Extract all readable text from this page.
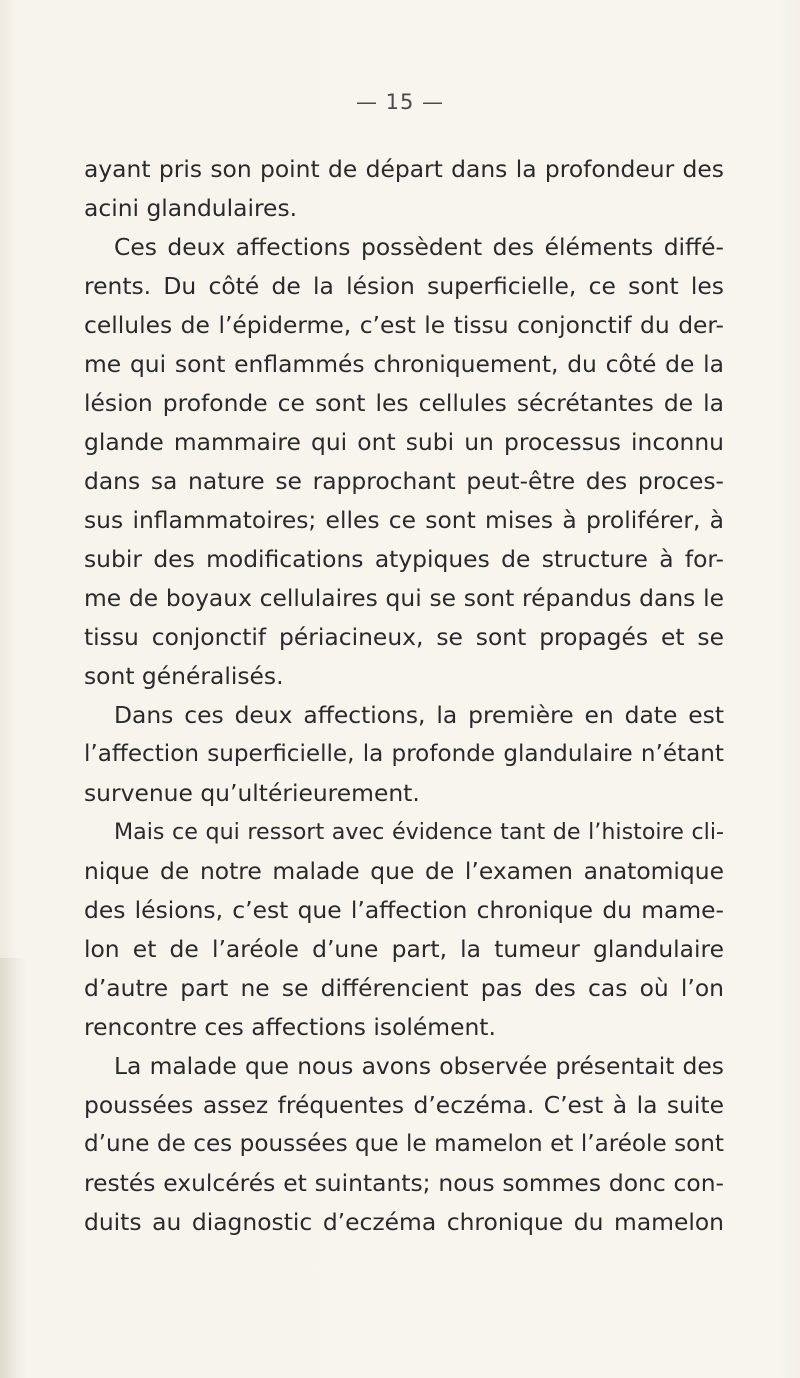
— 15 —
ayant pris son point de départ dans la profondeur des
acini glandulaires.
Ces deux affections possèdent des éléments diffé-
rents. Du côté de la lésion superficielle, ce sont les
cellules de l’épiderme, c’est le tissu conjonctif du der-
me qui sont enflammés chroniquement, du côté de la
lésion profonde ce sont les cellules sécrétantes de la
glande mammaire qui ont subi un processus inconnu
dans sa nature se rapprochant peut-être des proces-
sus inflammatoires; elles ce sont mises à proliférer, à
subir des modifications atypiques de structure à for-
me de boyaux cellulaires qui se sont répandus dans le
tissu conjonctif périacineux, se sont propagés et se
sont généralisés.
Dans ces deux affections, la première en date est
l’affection superficielle, la profonde glandulaire n’étant
survenue qu’ultérieurement.
Mais ce qui ressort avec évidence tant de l’histoire cli-
nique de notre malade que de l’examen anatomique
des lésions, c’est que l’affection chronique du mame-
lon et de l’aréole d’une part, la tumeur glandulaire
d’autre part ne se différencient pas des cas où l’on
rencontre ces affections isolément.
La malade que nous avons observée présentait des
poussées assez fréquentes d’eczéma. C’est à la suite
d’une de ces poussées que le mamelon et l’aréole sont
restés exulcérés et suintants; nous sommes donc con-
duits au diagnostic d’eczéma chronique du mamelon
